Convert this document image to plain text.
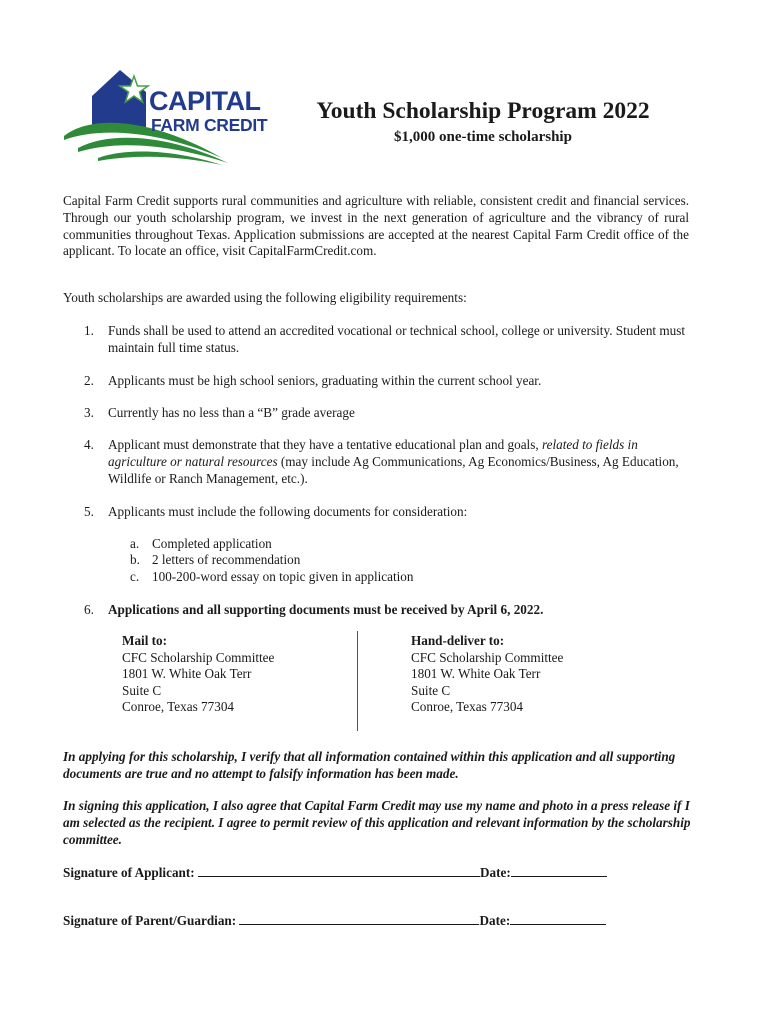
CAPITAL
FARM CREDIT
Youth Scholarship Program 2022
$1,000 one-time scholarship

Capital Farm Credit supports rural communities and agriculture with reliable, consistent credit and financial services. Through our youth scholarship program, we invest in the next generation of agriculture and the vibrancy of rural communities throughout Texas. Application submissions are accepted at the nearest Capital Farm Credit office of the applicant. To locate an office, visit CapitalFarmCredit.com.

Youth scholarships are awarded using the following eligibility requirements:

1.	Funds shall be used to attend an accredited vocational or technical school, college or university. Student must maintain full time status.
2.	Applicants must be high school seniors, graduating within the current school year.
3.	Currently has no less than a “B” grade average
4.	Applicant must demonstrate that they have a tentative educational plan and goals, related to fields in agriculture or natural resources (may include Ag Communications, Ag Economics/Business, Ag Education, Wildlife or Ranch Management, etc.).
5.	Applicants must include the following documents for consideration:
a. Completed application
b. 2 letters of recommendation
c. 100-200-word essay on topic given in application
6.	Applications and all supporting documents must be received by April 6, 2022.
Mail to:
CFC Scholarship Committee
1801 W. White Oak Terr
Suite C
Conroe, Texas 77304
Hand-deliver to:
CFC Scholarship Committee
1801 W. White Oak Terr
Suite C
Conroe, Texas 77304

In applying for this scholarship, I verify that all information contained within this application and all supporting documents are true and no attempt to falsify information has been made.

In signing this application, I also agree that Capital Farm Credit may use my name and photo in a press release if I am selected as the recipient. I agree to permit review of this application and relevant information by the scholarship committee.

Signature of Applicant:	Date:
Signature of Parent/Guardian:	Date:
